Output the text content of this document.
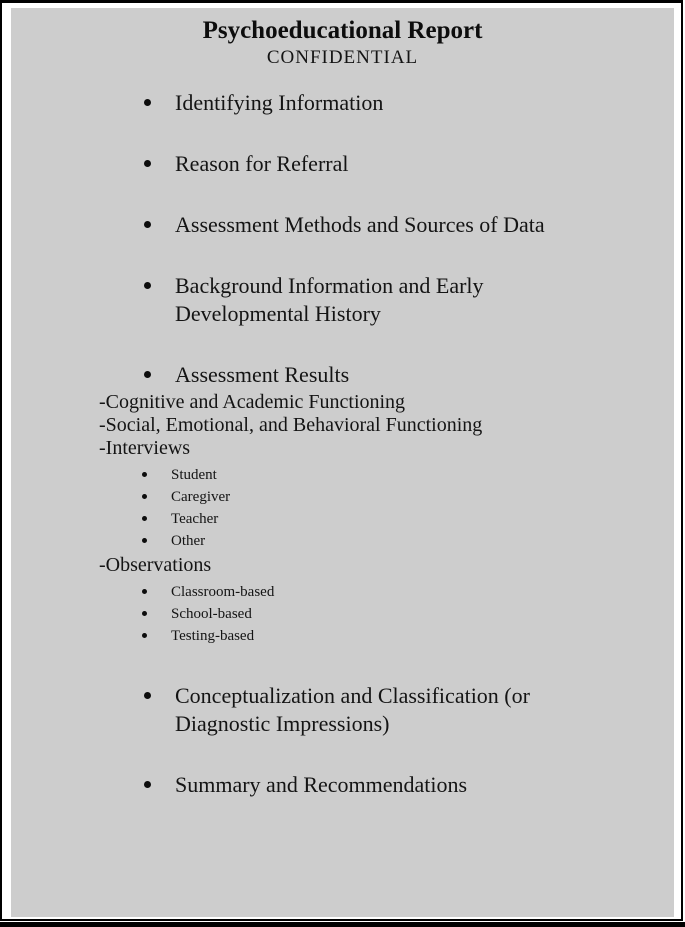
Psychoeducational Report
CONFIDENTIAL
Identifying Information
Reason for Referral
Assessment Methods and Sources of Data
Background Information and Early Developmental History
Assessment Results
-Cognitive and Academic Functioning
-Social, Emotional, and Behavioral Functioning
-Interviews
Student
Caregiver
Teacher
Other
-Observations
Classroom-based
School-based
Testing-based
Conceptualization and Classification (or Diagnostic Impressions)
Summary and Recommendations
